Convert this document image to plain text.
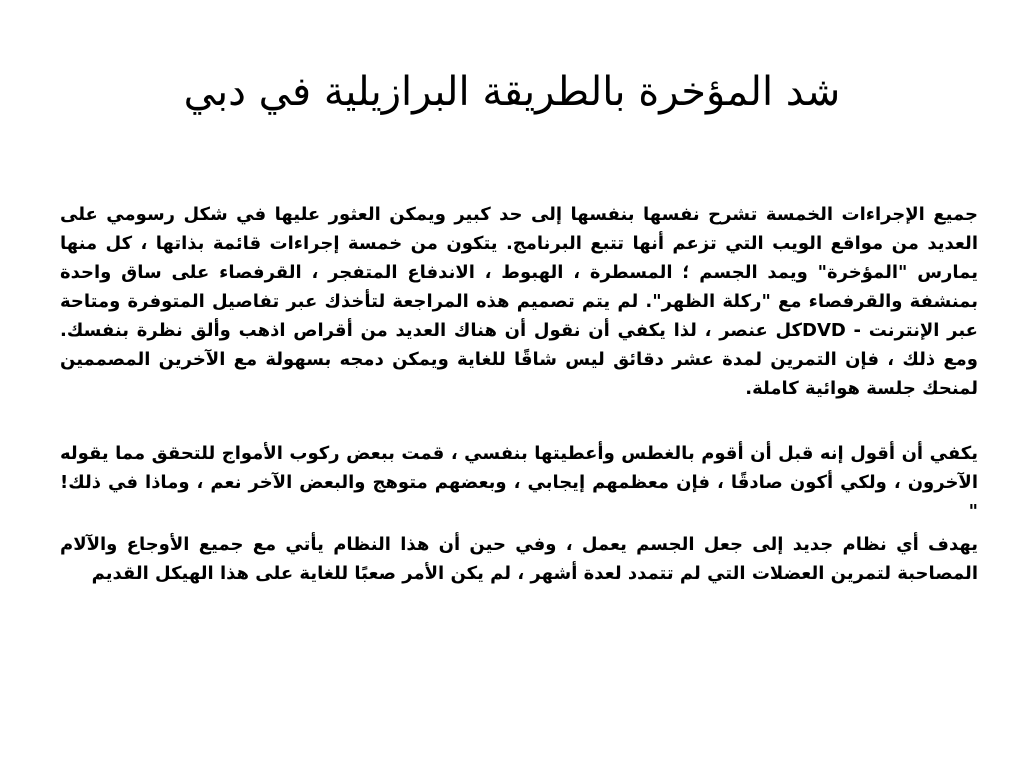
شد المؤخرة بالطريقة البرازيلية في دبي

جميع الإجراءات الخمسة تشرح نفسها بنفسها إلى حد كبير ويمكن العثور عليها في شكل رسومي على العديد من مواقع الويب التي تزعم أنها تتبع البرنامج. يتكون من خمسة إجراءات قائمة بذاتها ، كل منها يمارس "المؤخرة" ويمد الجسم ؛ المسطرة ، الهبوط ، الاندفاع المتفجر ، القرفصاء على ساق واحدة بمنشفة والقرفصاء مع "ركلة الظهر". لم يتم تصميم هذه المراجعة لتأخذك عبر تفاصيل المتوفرة ومتاحة عبر الإنترنت - DVDكل عنصر ، لذا يكفي أن نقول أن هناك العديد من أقراص اذهب وألق نظرة بنفسك. ومع ذلك ، فإن التمرين لمدة عشر دقائق ليس شاقًا للغاية ويمكن دمجه بسهولة مع الآخرين المصممين لمنحك جلسة هوائية كاملة.

يكفي أن أقول إنه قبل أن أقوم بالغطس وأعطيتها بنفسي ، قمت ببعض ركوب الأمواج للتحقق مما يقوله الآخرون ، ولكي أكون صادقًا ، فإن معظمهم إيجابي ، وبعضهم متوهج والبعض الآخر نعم ، وماذا في ذلك! "

يهدف أي نظام جديد إلى جعل الجسم يعمل ، وفي حين أن هذا النظام يأتي مع جميع الأوجاع والآلام المصاحبة لتمرين العضلات التي لم تتمدد لعدة أشهر ، لم يكن الأمر صعبًا للغاية على هذا الهيكل القديم
